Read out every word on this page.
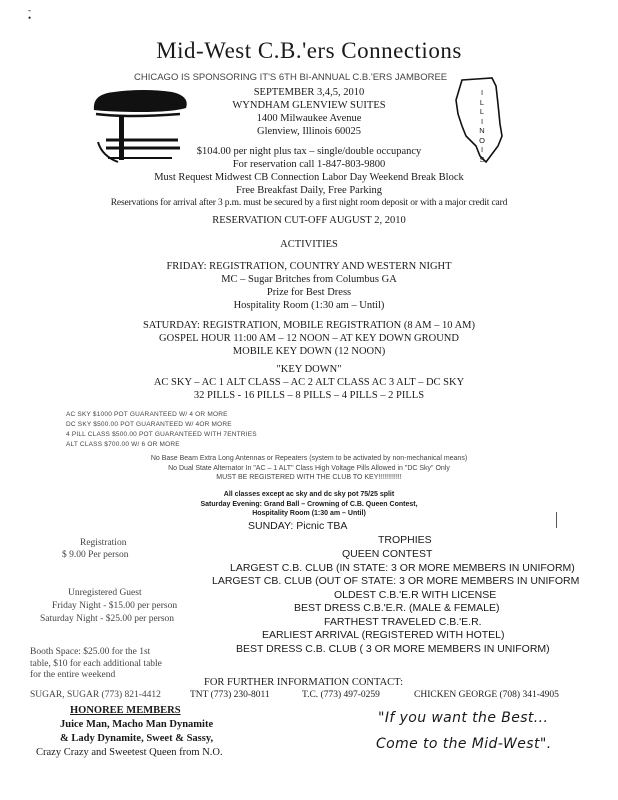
-
•
Mid-West C.B.'ers Connections
I L L I N O I S
CHICAGO IS SPONSORING IT'S 6TH BI-ANNUAL C.B.'ERS JAMBOREE
SEPTEMBER 3,4,5, 2010
WYNDHAM GLENVIEW SUITES
1400 Milwaukee Avenue
Glenview, Illinois 60025
$104.00 per night plus tax – single/double occupancy
For reservation call 1-847-803-9800
Must Request Midwest CB Connection Labor Day Weekend Break Block
Free Breakfast Daily, Free Parking
Reservations for arrival after 3 p.m. must be secured by a first night room deposit or with a major credit card
RESERVATION CUT-OFF AUGUST 2, 2010
ACTIVITIES
FRIDAY: REGISTRATION, COUNTRY AND WESTERN NIGHT
MC – Sugar Britches from Columbus GA
Prize for Best Dress
Hospitality Room (1:30 am – Until)
SATURDAY: REGISTRATION, MOBILE REGISTRATION (8 AM – 10 AM)
GOSPEL HOUR 11:00 AM – 12 NOON – AT KEY DOWN GROUND
MOBILE KEY DOWN (12 NOON)
"KEY DOWN"
AC SKY – AC 1 ALT CLASS – AC 2 ALT CLASS AC 3 ALT – DC SKY
32 PILLS - 16 PILLS – 8 PILLS – 4 PILLS – 2 PILLS
AC SKY $1000 POT GUARANTEED W/ 4 OR MORE
DC SKY $500.00 POT GUARANTEED W/ 4OR MORE
4 PILL CLASS $500.00 POT GUARANTEED WITH 7ENTRIES
ALT CLASS $700.00 W/ 6 OR MORE
No Base Beam Extra Long Antennas or Repeaters (system to be activated by non-mechanical means)
No Dual State Alternator In "AC – 1 ALT" Class High Voltage Pills Allowed in "DC Sky" Only
MUST BE REGISTERED WITH THE CLUB TO KEY!!!!!!!!!!!!
All classes except ac sky and dc sky pot 75/25 split
Saturday Evening: Grand Ball – Crowning of C.B. Queen Contest,
Hospitality Room (1:30 am – Until)
SUNDAY: Picnic TBA
Registration
$ 9.00 Per person
Unregistered Guest
Friday Night - $15.00 per person
Saturday Night - $25.00 per person
Booth Space: $25.00 for the 1st
table, $10 for each additional table
for the entire weekend
TROPHIES
QUEEN CONTEST
LARGEST C.B. CLUB (IN STATE: 3 OR MORE MEMBERS IN UNIFORM)
LARGEST CB. CLUB (OUT OF STATE: 3 OR MORE MEMBERS IN UNIFORM
OLDEST C.B.'E.R WITH LICENSE
BEST DRESS C.B.'E.R. (MALE & FEMALE)
FARTHEST TRAVELED C.B.'E.R.
EARLIEST ARRIVAL (REGISTERED WITH HOTEL)
BEST DRESS C.B. CLUB ( 3 OR MORE MEMBERS IN UNIFORM)
FOR FURTHER INFORMATION CONTACT:
SUGAR, SUGAR (773) 821-4412	TNT (773) 230-8011	T.C. (773) 497-0259	CHICKEN GEORGE (708) 341-4905
HONOREE MEMBERS
Juice Man, Macho Man Dynamite
& Lady Dynamite, Sweet & Sassy,
Crazy Crazy and Sweetest Queen from N.O.
"If you want the Best...
Come to the Mid-West".
